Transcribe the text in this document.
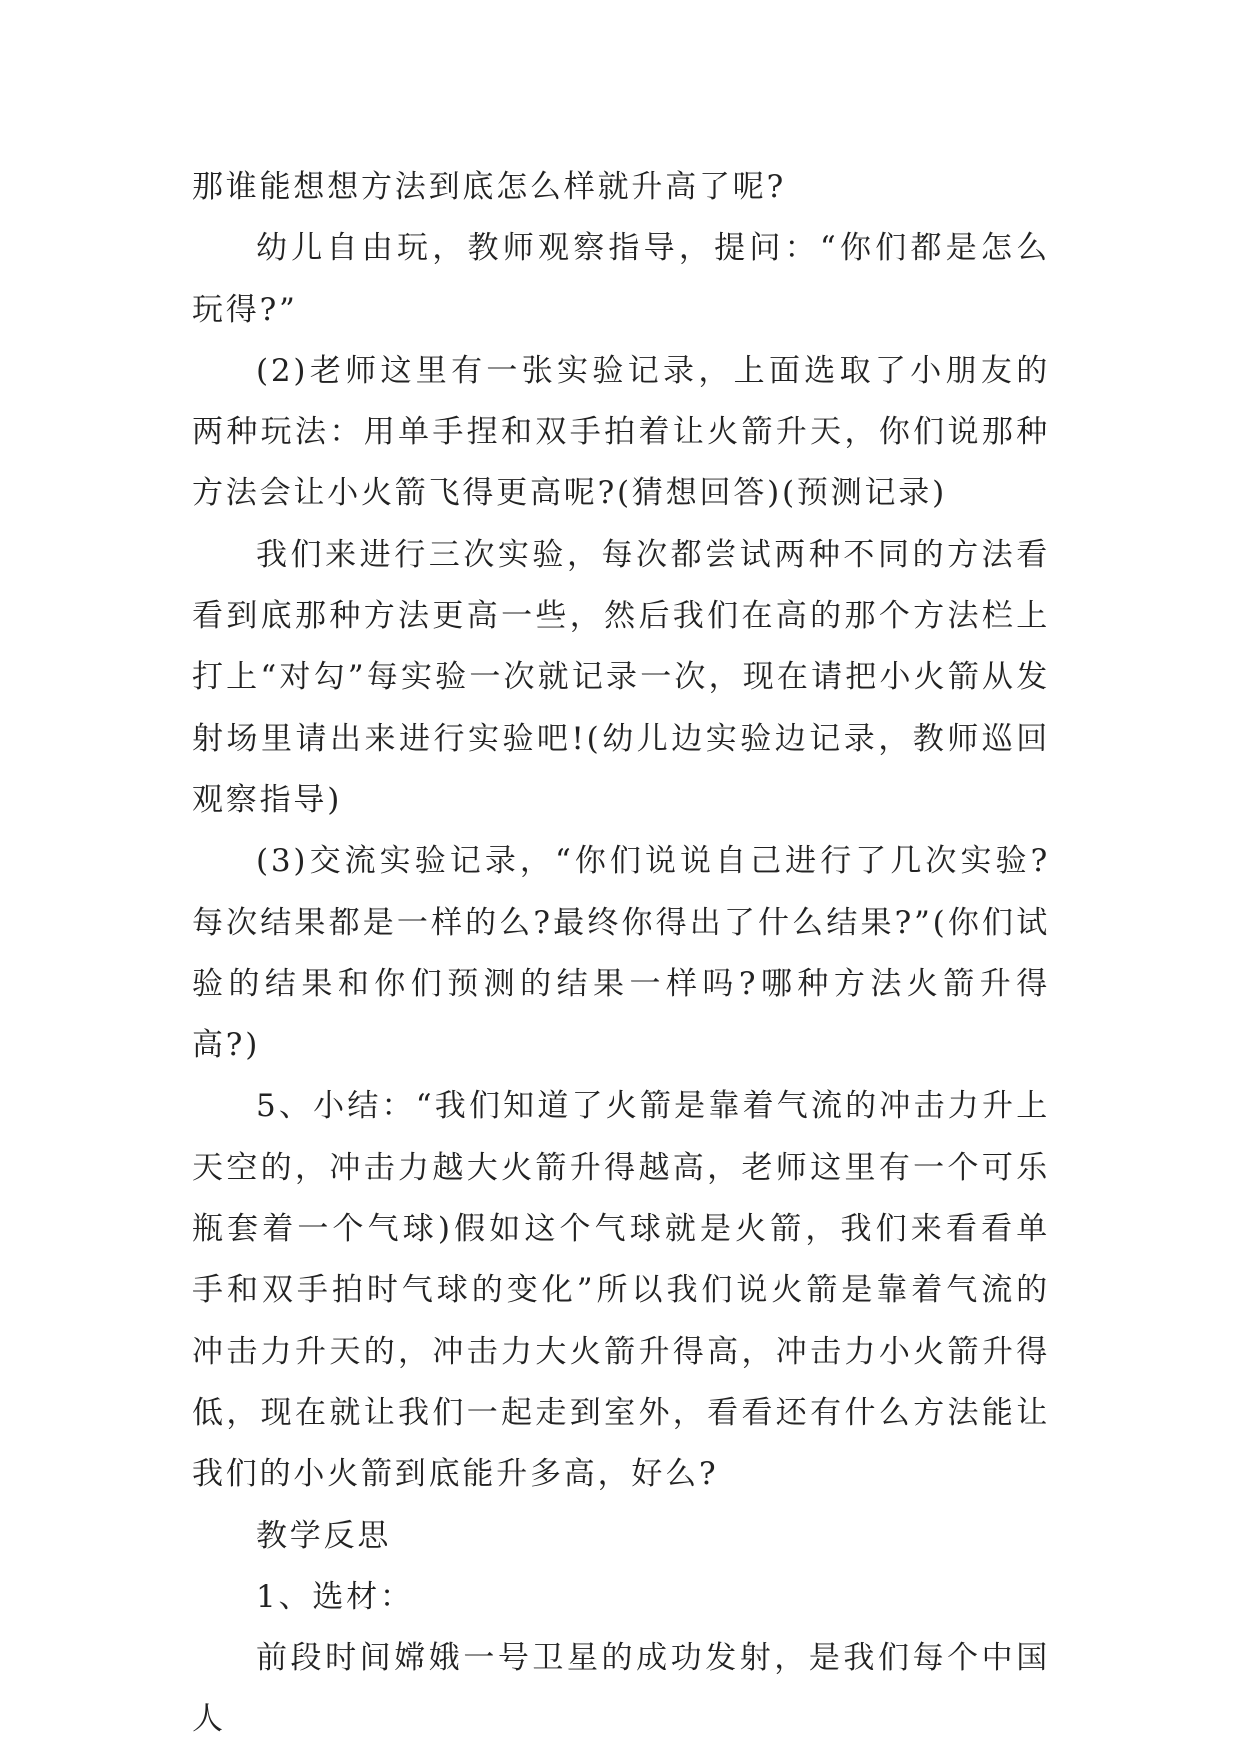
那谁能想想方法到底怎么样就升高了呢?

幼儿自由玩，教师观察指导，提问：“你们都是怎么玩得?”

(2)老师这里有一张实验记录，上面选取了小朋友的两种玩法：用单手捏和双手拍着让火箭升天，你们说那种方法会让小火箭飞得更高呢?(猜想回答)(预测记录)

我们来进行三次实验，每次都尝试两种不同的方法看看到底那种方法更高一些，然后我们在高的那个方法栏上打上“对勾”每实验一次就记录一次，现在请把小火箭从发射场里请出来进行实验吧!(幼儿边实验边记录，教师巡回观察指导)

(3)交流实验记录，“你们说说自己进行了几次实验?每次结果都是一样的么?最终你得出了什么结果?”(你们试验的结果和你们预测的结果一样吗?哪种方法火箭升得高?)

5、小结：“我们知道了火箭是靠着气流的冲击力升上天空的，冲击力越大火箭升得越高，老师这里有一个可乐瓶套着一个气球)假如这个气球就是火箭，我们来看看单手和双手拍时气球的变化”所以我们说火箭是靠着气流的冲击力升天的，冲击力大火箭升得高，冲击力小火箭升得低，现在就让我们一起走到室外，看看还有什么方法能让我们的小火箭到底能升多高，好么?

教学反思

1、选材：

前段时间嫦娥一号卫星的成功发射，是我们每个中国人
